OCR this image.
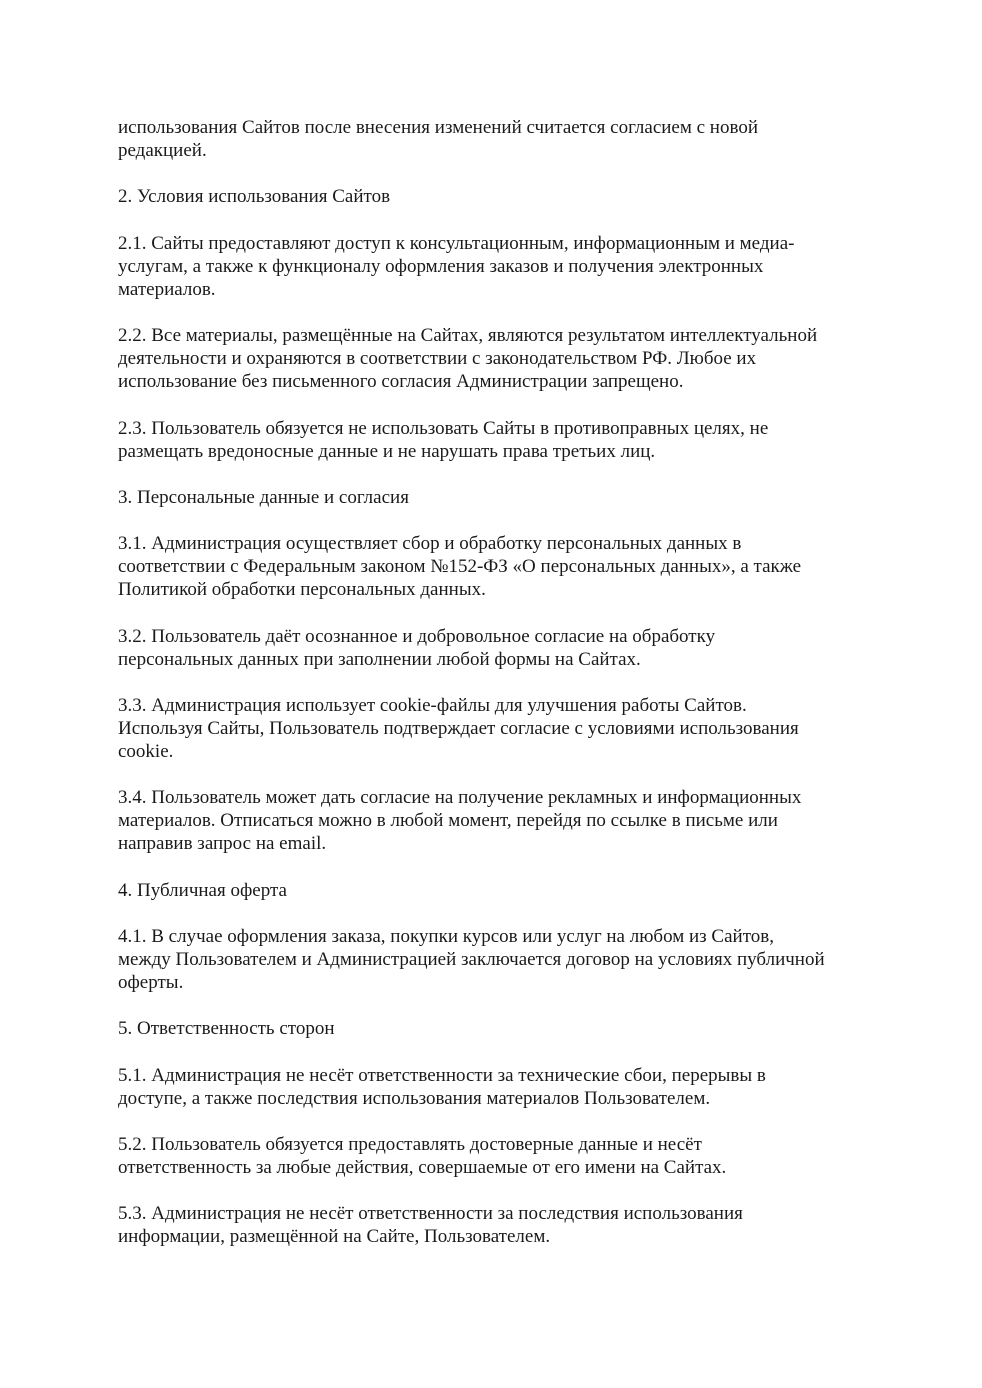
использования Сайтов после внесения изменений считается согласием с новой
редакцией.
2. Условия использования Сайтов
2.1. Сайты предоставляют доступ к консультационным, информационным и медиа-
услугам, а также к функционалу оформления заказов и получения электронных
материалов.
2.2. Все материалы, размещённые на Сайтах, являются результатом интеллектуальной
деятельности и охраняются в соответствии с законодательством РФ. Любое их
использование без письменного согласия Администрации запрещено.
2.3. Пользователь обязуется не использовать Сайты в противоправных целях, не
размещать вредоносные данные и не нарушать права третьих лиц.
3. Персональные данные и согласия
3.1. Администрация осуществляет сбор и обработку персональных данных в
соответствии с Федеральным законом №152-ФЗ «О персональных данных», а также
Политикой обработки персональных данных.
3.2. Пользователь даёт осознанное и добровольное согласие на обработку
персональных данных при заполнении любой формы на Сайтах.
3.3. Администрация использует cookie-файлы для улучшения работы Сайтов.
Используя Сайты, Пользователь подтверждает согласие с условиями использования
cookie.
3.4. Пользователь может дать согласие на получение рекламных и информационных
материалов. Отписаться можно в любой момент, перейдя по ссылке в письме или
направив запрос на email.
4. Публичная оферта
4.1. В случае оформления заказа, покупки курсов или услуг на любом из Сайтов,
между Пользователем и Администрацией заключается договор на условиях публичной
оферты.
5. Ответственность сторон
5.1. Администрация не несёт ответственности за технические сбои, перерывы в
доступе, а также последствия использования материалов Пользователем.
5.2. Пользователь обязуется предоставлять достоверные данные и несёт
ответственность за любые действия, совершаемые от его имени на Сайтах.
5.3. Администрация не несёт ответственности за последствия использования
информации, размещённой на Сайте, Пользователем.
